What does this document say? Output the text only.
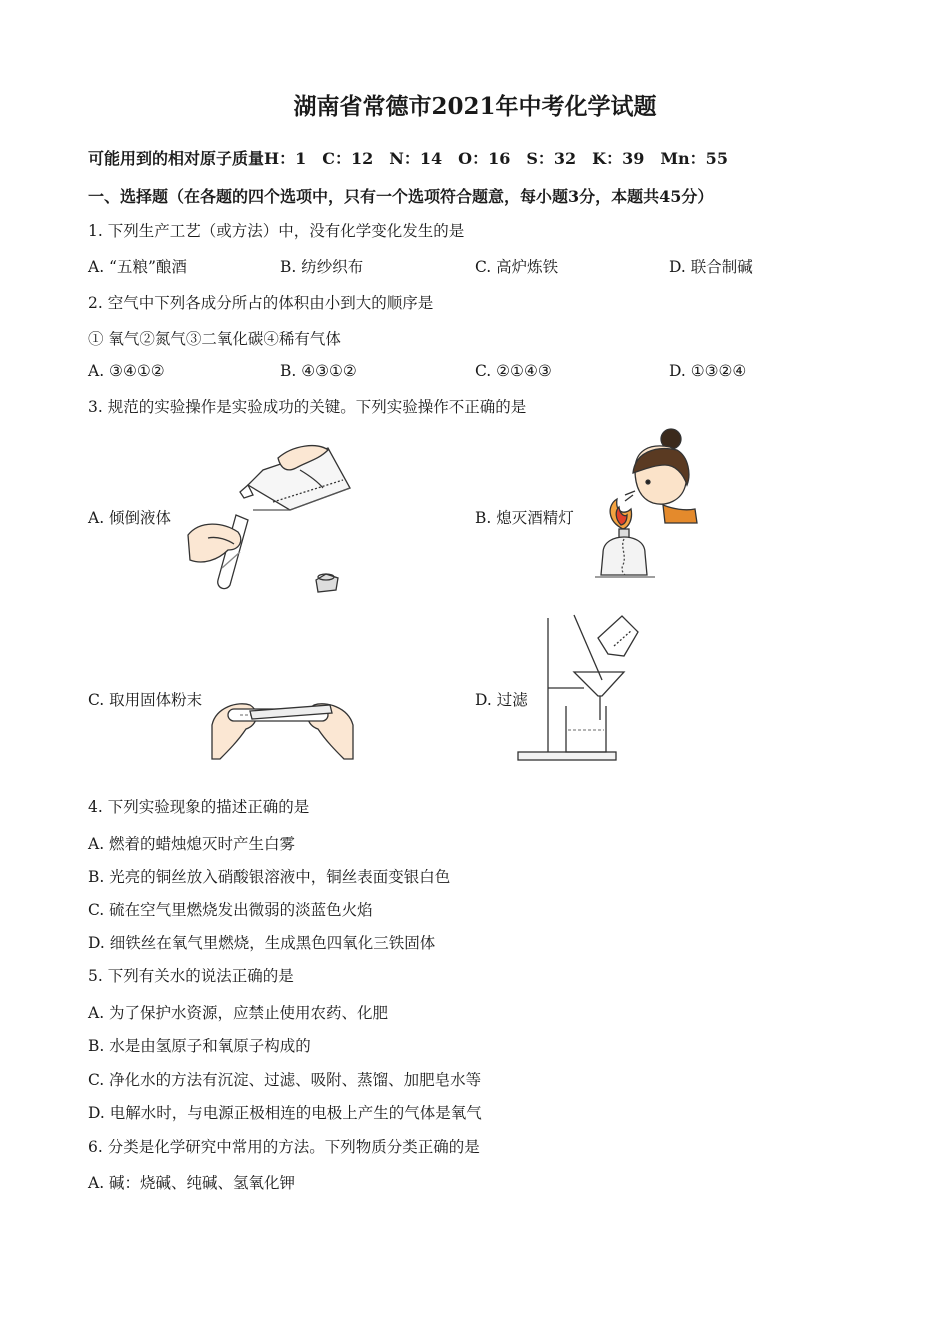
湖南省常德市2021年中考化学试题
可能用到的相对原子质量H：1　C：12　N：14　O：16　S：32　K：39　Mn：55
一、选择题（在各题的四个选项中，只有一个选项符合题意，每小题3分，本题共45分）
1. 下列生产工艺（或方法）中，没有化学变化发生的是
A. “五粮”酿酒	B. 纺纱织布	C. 高炉炼铁	D. 联合制碱
2. 空气中下列各成分所占的体积由小到大的顺序是
① 氧气②氮气③二氧化碳④稀有气体
A. ③④①②	B. ④③①②	C. ②①④③	D. ①③②④
3. 规范的实验操作是实验成功的关键。下列实验操作不正确的是
A. 倾倒液体	B. 熄灭酒精灯
C. 取用固体粉末	D. 过滤
4. 下列实验现象的描述正确的是
A. 燃着的蜡烛熄灭时产生白雾
B. 光亮的铜丝放入硝酸银溶液中，铜丝表面变银白色
C. 硫在空气里燃烧发出微弱的淡蓝色火焰
D. 细铁丝在氧气里燃烧，生成黑色四氧化三铁固体
5. 下列有关水的说法正确的是
A. 为了保护水资源，应禁止使用农药、化肥
B. 水是由氢原子和氧原子构成的
C. 净化水的方法有沉淀、过滤、吸附、蒸馏、加肥皂水等
D. 电解水时，与电源正极相连的电极上产生的气体是氧气
6. 分类是化学研究中常用的方法。下列物质分类正确的是
A. 碱：烧碱、纯碱、氢氧化钾
